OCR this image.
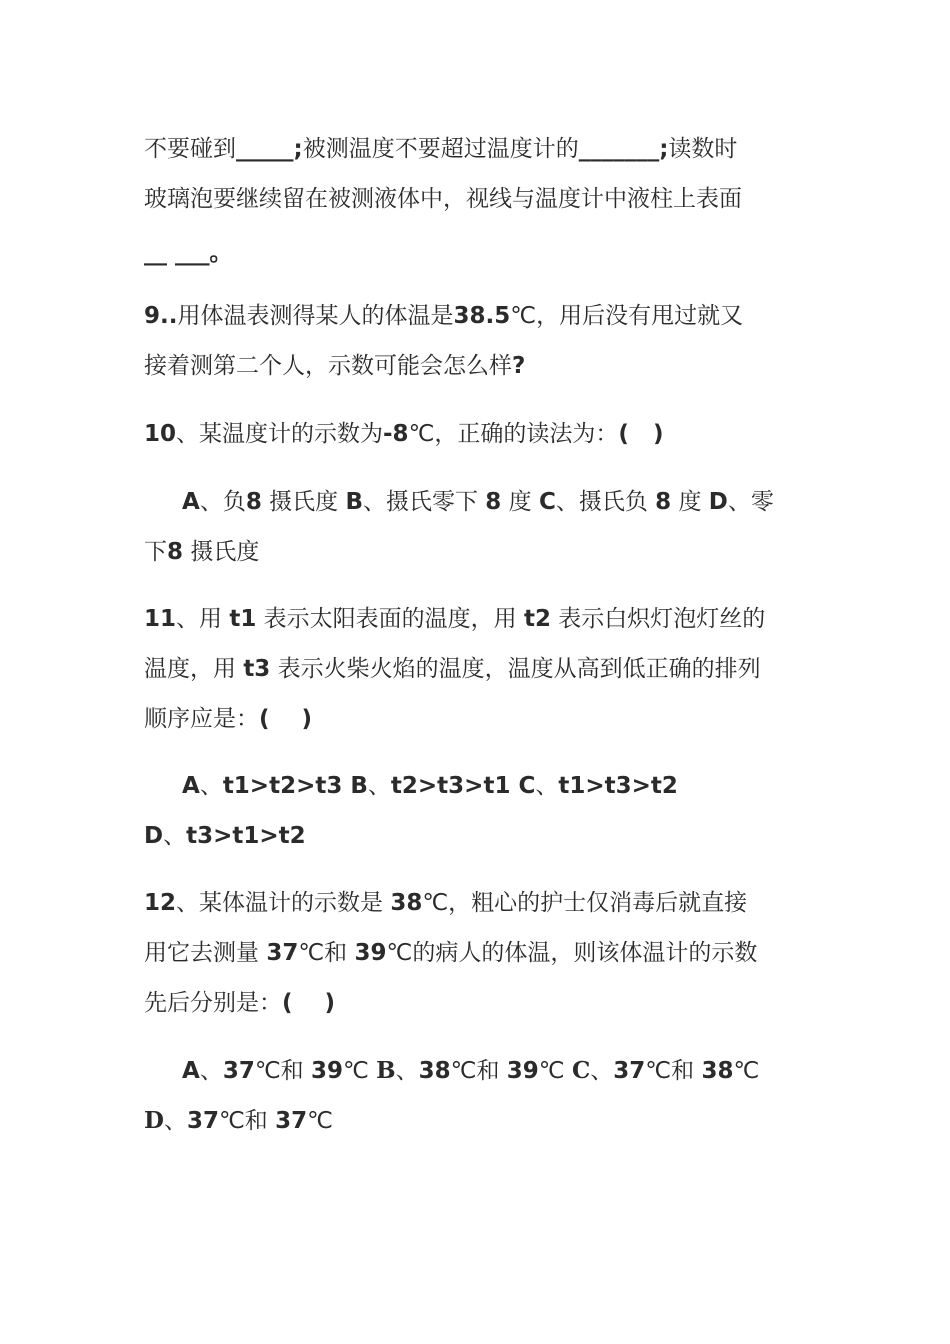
不要碰到_____;被测温度不要超过温度计的_______;读数时
玻璃泡要继续留在被测液体中，视线与温度计中液柱上表面
__ ___。
9..用体温表测得某人的体温是38.5℃，用后没有甩过就又
接着测第二个人，示数可能会怎么样?
10、某温度计的示数为-8℃，正确的读法为：(   )
A、负8 摄氏度 B、摄氏零下 8 度 C、摄氏负 8 度 D、零
下8 摄氏度
11、用 t1 表示太阳表面的温度，用 t2 表示白炽灯泡灯丝的
温度，用 t3 表示火柴火焰的温度，温度从高到低正确的排列
顺序应是：(    )
A、t1>t2>t3 B、t2>t3>t1 C、t1>t3>t2
D、t3>t1>t2
12、某体温计的示数是 38℃，粗心的护士仅消毒后就直接
用它去测量 37℃和 39℃的病人的体温，则该体温计的示数
先后分别是：(    )
A、37℃和 39℃ B、38℃和 39℃ C、37℃和 38℃
D、37℃和 37℃
